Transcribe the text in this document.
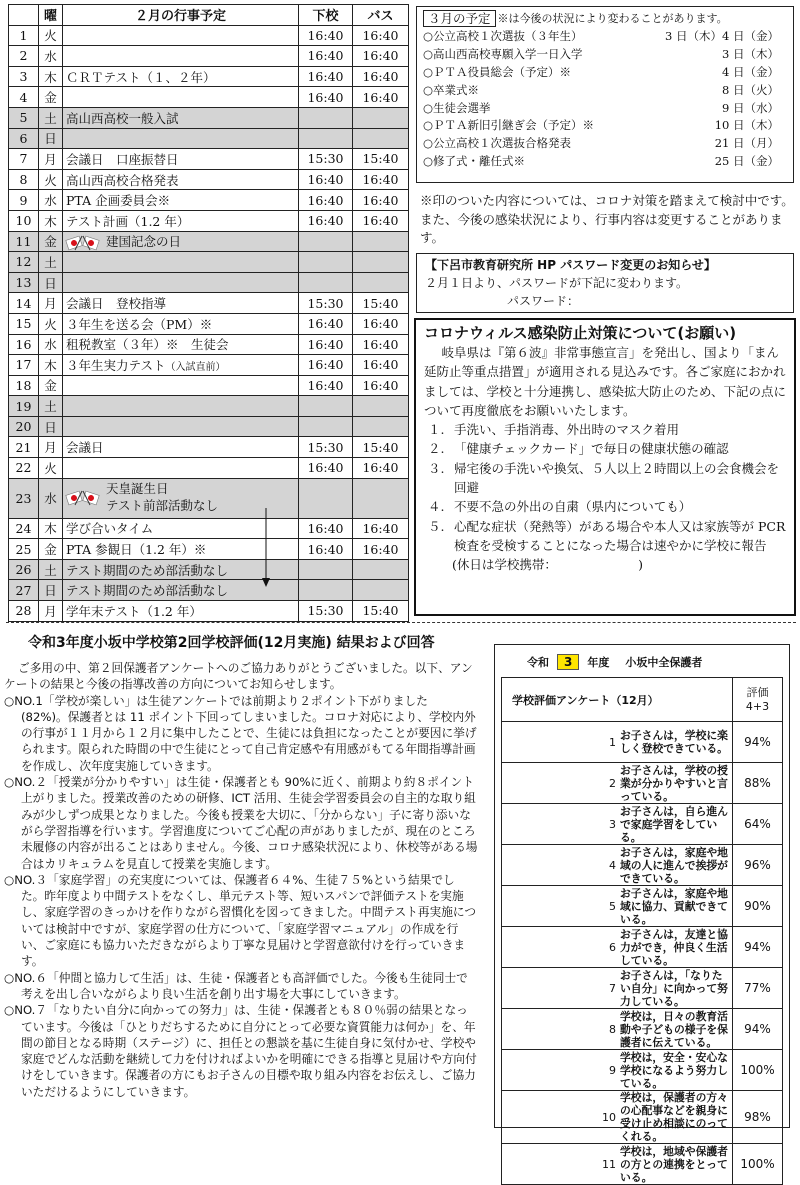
	曜	２月の行事予定	下校	バス
1	火		16:40	16:40
2	水		16:40	16:40
3	木	ＣＲＴテスト（１、２年）	16:40	16:40
4	金		16:40	16:40
5	土	高山西高校一般入試		
6	日			
7	月	会議日　口座振替日	15:30	15:40
8	火	高山西高校合格発表	16:40	16:40
9	水	PTA 企画委員会※	16:40	16:40
10	木	テスト計画（1.2 年）	16:40	16:40
11	金	建国記念の日		
12	土			
13	日			
14	月	会議日　登校指導	15:30	15:40
15	火	３年生を送る会（PM）※	16:40	16:40
16	水	租税教室（３年）※　生徒会	16:40	16:40
17	木	３年生実力テスト（入試直前）	16:40	16:40
18	金		16:40	16:40
19	土			
20	日			
21	月	会議日	15:30	15:40
22	火		16:40	16:40
23	水	天皇誕生日
テスト前部活動なし		
24	木	学び合いタイム	16:40	16:40
25	金	PTA 参観日（1.2 年）※	16:40	16:40
26	土	テスト期間のため部活動なし		
27	日	テスト期間のため部活動なし		
28	月	学年末テスト（1.2 年）	15:30	15:40
３月の予定 ※は今後の状況により変わることがあります。
○公立高校１次選抜（３年生）	3 日（木）4 日（金）
○高山西高校専願入学一日入学	3 日（木）
○ＰＴＡ役員総会（予定）※	4 日（金）
○卒業式※	8 日（火）
○生徒会選挙	9 日（水）
○ＰＴＡ新旧引継ぎ会（予定）※	10 日（木）
○公立高校１次選抜合格発表	21 日（月）
○修了式・離任式※	25 日（金）
※印のついた内容については、コロナ対策を踏まえて検討中です。また、今後の感染状況により、行事内容は変更することがあります。
【下呂市教育研究所 HP パスワード変更のお知らせ】
２月１日より、パスワードが下記に変わります。
パスワード：
コロナウィルス感染防止対策について(お願い)
岐阜県は『第６波』非常事態宣言」を発出し、国より「まん延防止等重点措置」が適用される見込みです。各ご家庭におかれましては、学校と十分連携し、感染拡大防止のため、下記の点について再度徹底をお願いいたします。
１. 手洗い、手指消毒、外出時のマスク着用
２. 「健康チェックカード」で毎日の健康状態の確認
３. 帰宅後の手洗いや換気、５人以上２時間以上の会食機会を回避
４. 不要不急の外出の自粛（県内についても）
５. 心配な症状（発熱等）がある場合や本人又は家族等が PCR 検査を受検することになった場合は速やかに学校に報告
(休日は学校携帯：　　　　　　　)
令和3年度小坂中学校第2回学校評価(12月実施) 結果および回答

ご多用の中、第２回保護者アンケートへのご協力ありがとうございました。以下、アンケートの結果と今後の指導改善の方向についてお知らせします。

○NO.1「学校が楽しい」は生徒アンケートでは前期より２ポイント下がりました (82%)。保護者とは 11 ポイント下回ってしまいました。コロナ対応により、学校内外の行事が１１月から１２月に集中したことで、生徒には負担になったことが要因に挙げられます。限られた時間の中で生徒にとって自己肯定感や有用感がもてる年間指導計画を作成し、次年度実施していきます。

○NO.２「授業が分かりやすい」は生徒・保護者とも 90%に近く、前期より約８ポイント上がりました。授業改善のための研修、ICT 活用、生徒会学習委員会の自主的な取り組みが少しずつ成果となりました。今後も授業を大切に、「分からない」子に寄り添いながら学習指導を行います。学習進度についてご心配の声がありましたが、現在のところ未履修の内容が出ることはありません。今後、コロナ感染状況により、休校等がある場合はカリキュラムを見直して授業を実施します。

○NO.３「家庭学習」の充実度については、保護者６４%、生徒７５%という結果でした。昨年度より中間テストをなくし、単元テスト等、短いスパンで評価テストを実施し、家庭学習のきっかけを作りながら習慣化を図ってきました。中間テスト再実施については検討中ですが、家庭学習の仕方について、「家庭学習マニュアル」の作成を行い、ご家庭にも協力いただきながらより丁寧な見届けと学習意欲付けを行っていきます。

○NO.６「仲間と協力して生活」は、生徒・保護者とも高評価でした。今後も生徒同士で考えを出し合いながらより良い生活を創り出す場を大事にしていきます。

○NO.７「なりたい自分に向かっての努力」は、生徒・保護者とも８０％弱の結果となっています。今後は「ひとりだちするために自分にとって必要な資質能力は何か」を、年間の節目となる時期（ステージ）に、担任との懇談を基に生徒自身に気付かせ、学校や家庭でどんな活動を継続して力を付ければよいかを明確にできる指導と見届けや方向付けをしていきます。保護者の方にもお子さんの目標や取り組み内容をお伝えし、ご協力いただけるようにしていきます。

令和	3	年度 小坂中全保護者
学校評価アンケート（12月）		評価
4+3

1	お子さんは，学校に楽しく登校できている。	94%
2	お子さんは，学校の授業が分かりやすいと言っている。	88%
3	お子さんは，自ら進んで家庭学習をしている。	64%
4	お子さんは，家庭や地域の人に進んで挨拶ができている。	96%
5	お子さんは，家庭や地域に協力、貢献できている。	90%
6	お子さんは，友達と協力ができ，仲良く生活している。	94%
7	お子さんは，「なりたい自分」に向かって努力している。	77%
8	学校は，日々の教育活動や子どもの様子を保護者に伝えている。	94%
9	学校は，安全・安心な学校になるよう努力している。	100%
10	学校は，保護者の方々の心配事などを親身に受け止め相談にのってくれる。	98%
11	学校は，地域や保護者の方との連携をとっている。	100%
